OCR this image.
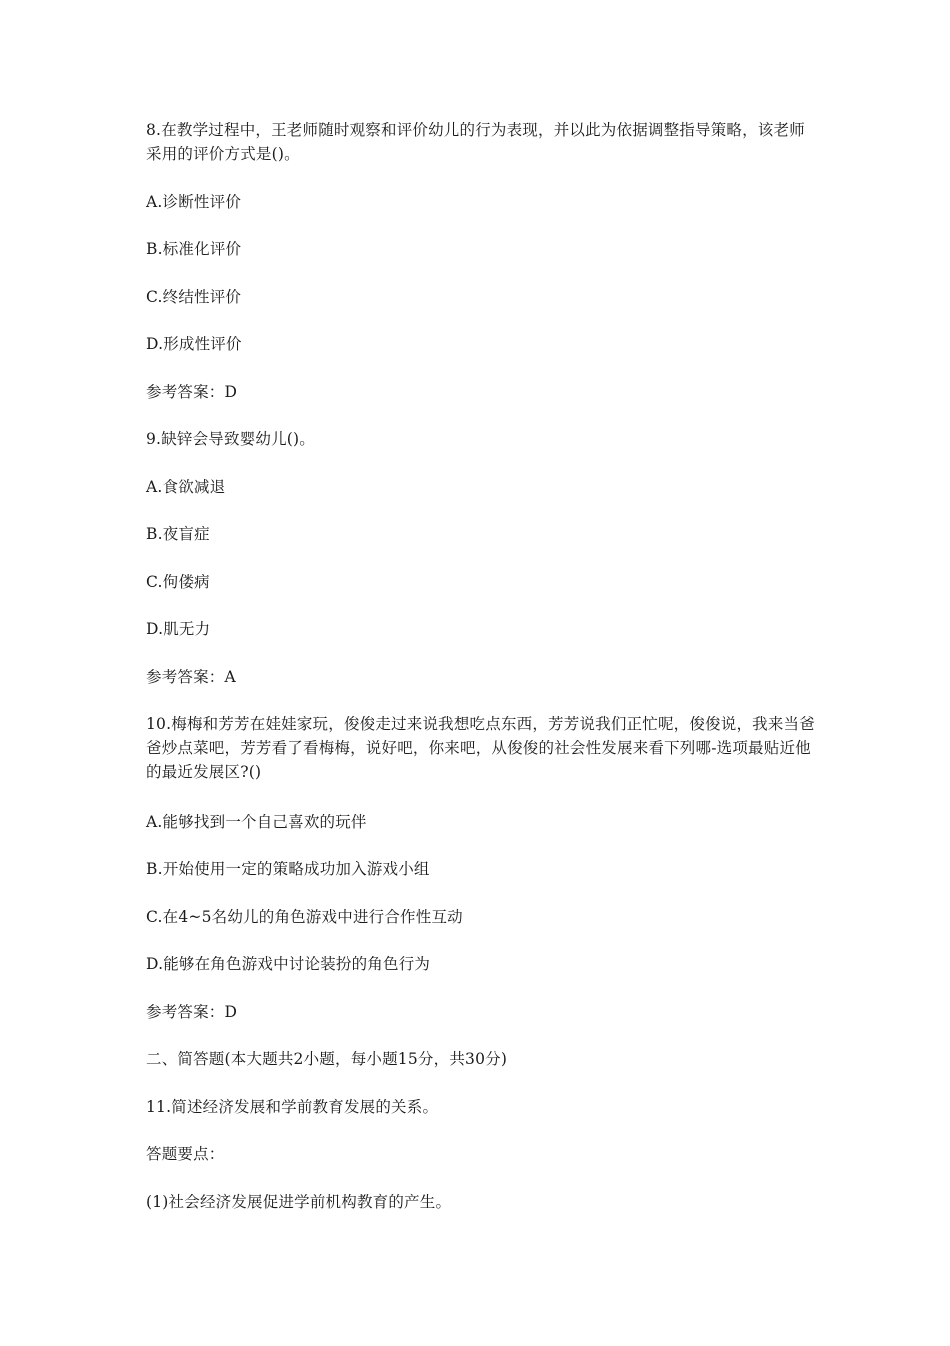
8.在教学过程中，王老师随时观察和评价幼儿的行为表现，并以此为依据调整指导策略，该老师采用的评价方式是()。
A.诊断性评价
B.标准化评价
C.终结性评价
D.形成性评价
参考答案：D
9.缺锌会导致婴幼儿()。
A.食欲减退
B.夜盲症
C.佝偻病
D.肌无力
参考答案：A
10.梅梅和芳芳在娃娃家玩，俊俊走过来说我想吃点东西，芳芳说我们正忙呢，俊俊说，我来当爸爸炒点菜吧，芳芳看了看梅梅，说好吧，你来吧，从俊俊的社会性发展来看下列哪-选项最贴近他的最近发展区?()
A.能够找到一个自己喜欢的玩伴
B.开始使用一定的策略成功加入游戏小组
C.在4~5名幼儿的角色游戏中进行合作性互动
D.能够在角色游戏中讨论装扮的角色行为
参考答案：D
二、简答题(本大题共2小题，每小题15分，共30分)
11.简述经济发展和学前教育发展的关系。
答题要点：
(1)社会经济发展促进学前机构教育的产生。
